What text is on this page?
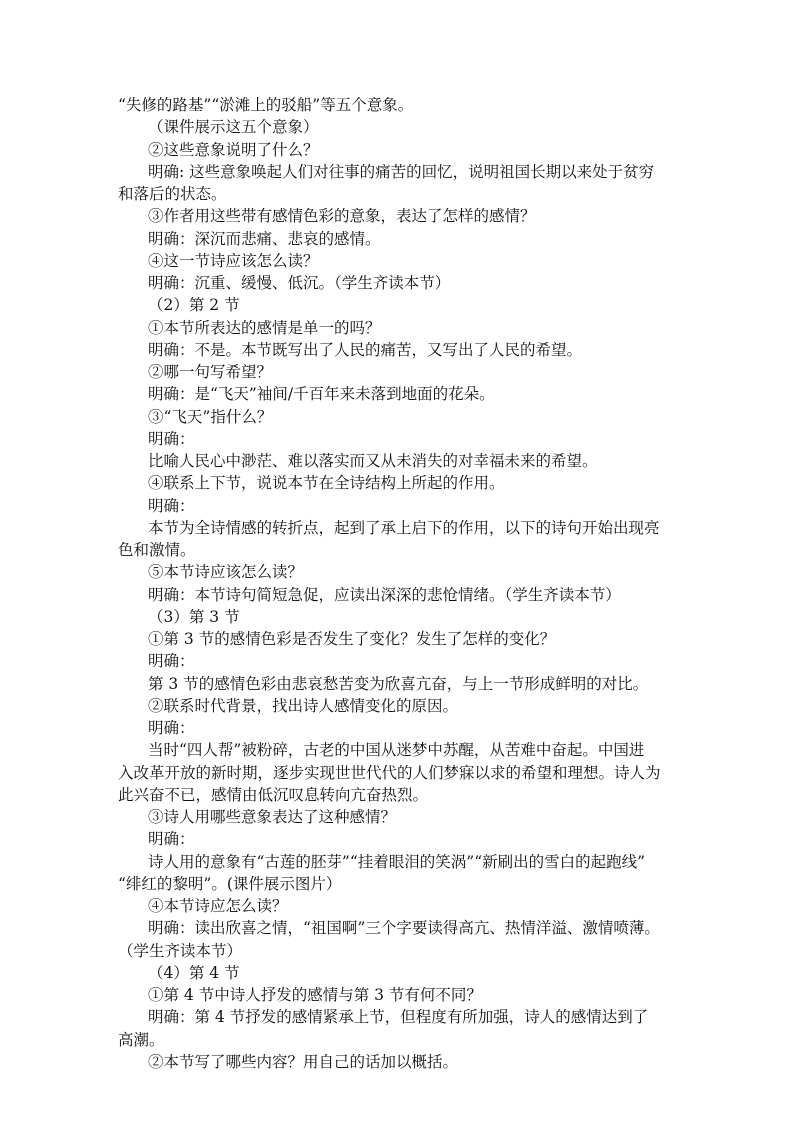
“失修的路基”“淤滩上的驳船”等五个意象。
（课件展示这五个意象）
②这些意象说明了什么？
明确: 这些意象唤起人们对往事的痛苦的回忆，说明祖国长期以来处于贫穷
和落后的状态。
③作者用这些带有感情色彩的意象，表达了怎样的感情？
明确：深沉而悲痛、悲哀的感情。
④这一节诗应该怎么读？
明确：沉重、缓慢、低沉。（学生齐读本节）
（2）第 2 节
①本节所表达的感情是单一的吗？
明确：不是。本节既写出了人民的痛苦，又写出了人民的希望。
②哪一句写希望？
明确：是“飞天”袖间/千百年来未落到地面的花朵。
③“飞天”指什么？
明确：
比喻人民心中渺茫、难以落实而又从未消失的对幸福未来的希望。
④联系上下节，说说本节在全诗结构上所起的作用。
明确：
本节为全诗情感的转折点，起到了承上启下的作用，以下的诗句开始出现亮
色和激情。
⑤本节诗应该怎么读？
明确：本节诗句简短急促，应读出深深的悲怆情绪。（学生齐读本节）
（3）第 3 节
①第 3 节的感情色彩是否发生了变化？发生了怎样的变化？
明确：
第 3 节的感情色彩由悲哀愁苦变为欣喜亢奋，与上一节形成鲜明的对比。
②联系时代背景，找出诗人感情变化的原因。
明确：
当时“四人帮”被粉碎，古老的中国从迷梦中苏醒，从苦难中奋起。中国进
入改革开放的新时期，逐步实现世世代代的人们梦寐以求的希望和理想。诗人为
此兴奋不已，感情由低沉叹息转向亢奋热烈。
③诗人用哪些意象表达了这种感情？
明确：
诗人用的意象有“古莲的胚芽”“挂着眼泪的笑涡”“新刷出的雪白的起跑线”
“绯红的黎明”。(课件展示图片）
④本节诗应怎么读？
明确：读出欣喜之情，“祖国啊”三个字要读得高亢、热情洋溢、激情喷薄。
（学生齐读本节）
（4）第 4 节
①第 4 节中诗人抒发的感情与第 3 节有何不同？
明确：第 4 节抒发的感情紧承上节，但程度有所加强，诗人的感情达到了
高潮。
②本节写了哪些内容？用自己的话加以概括。
